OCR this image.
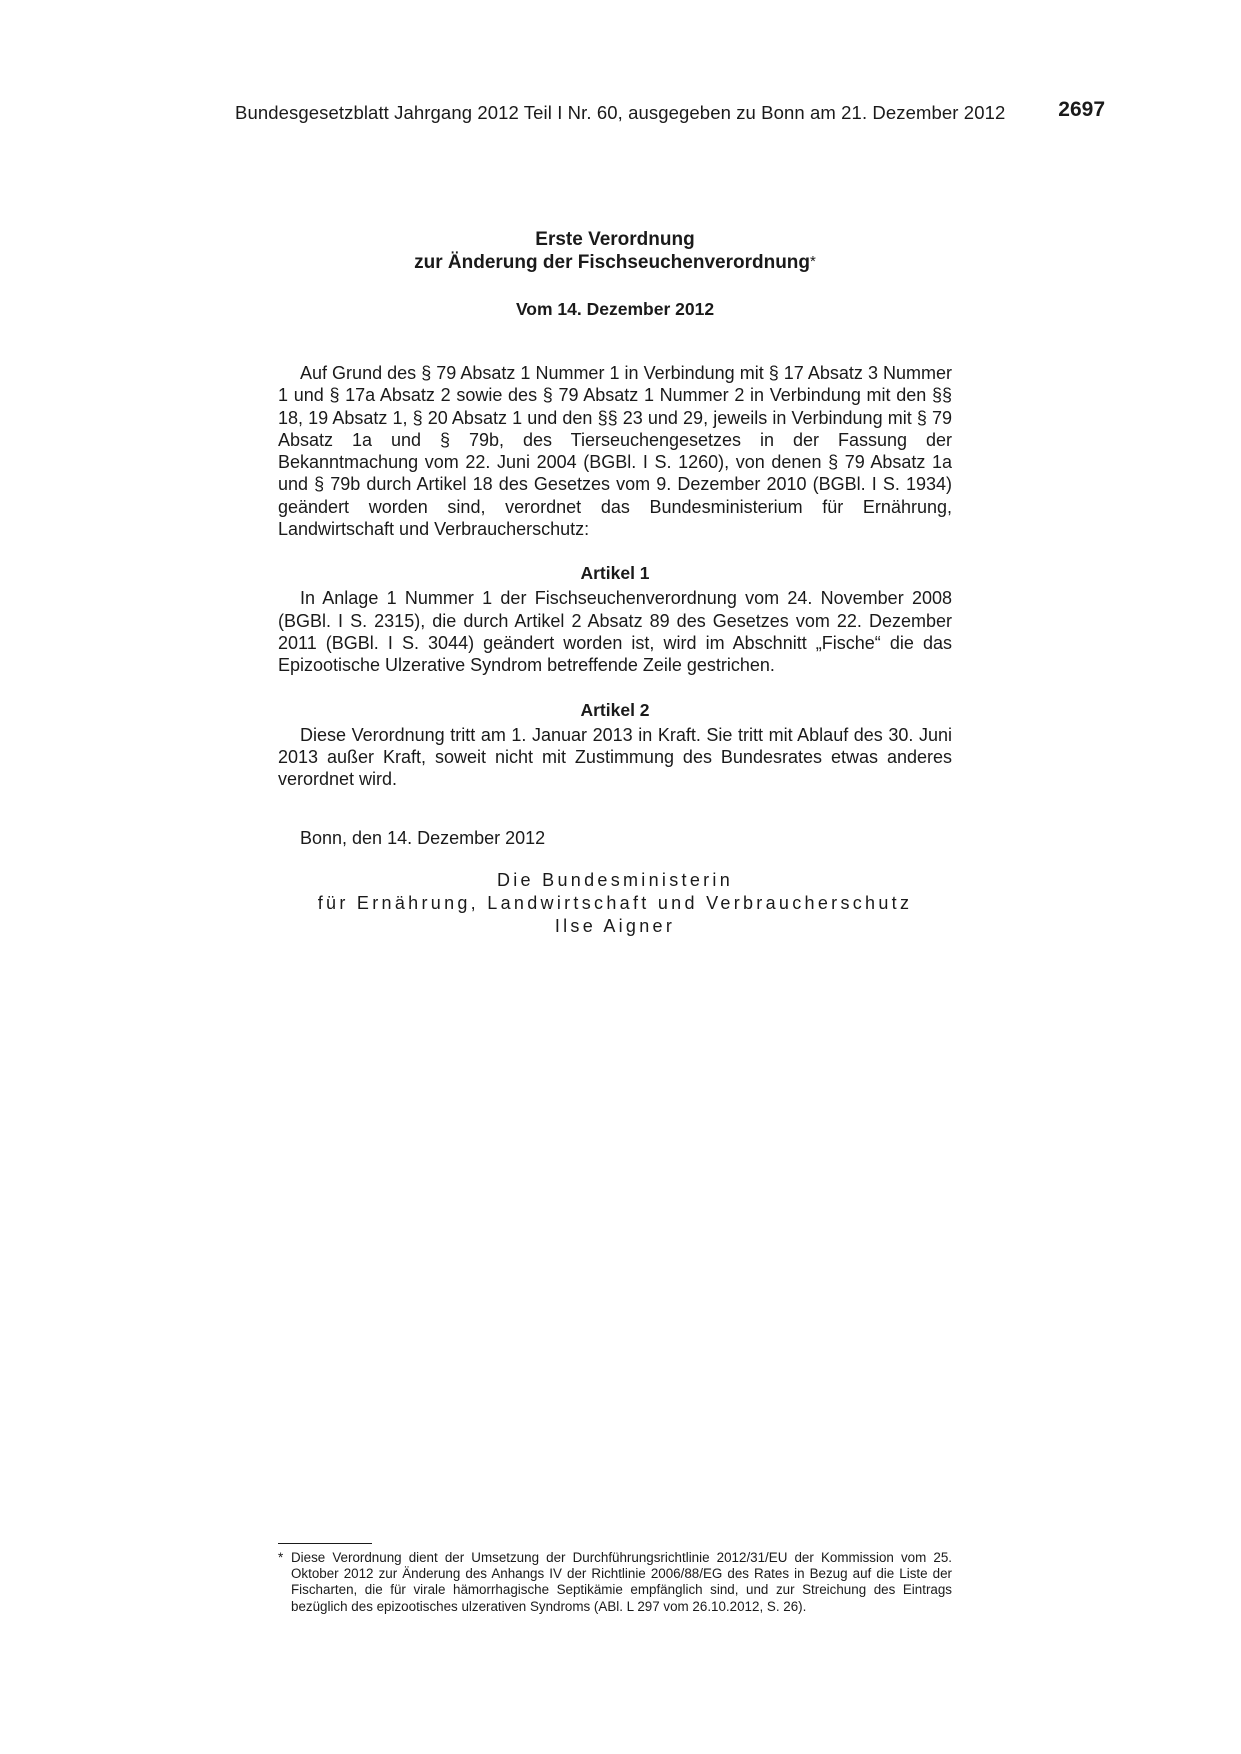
Bundesgesetzblatt Jahrgang 2012 Teil I Nr. 60, ausgegeben zu Bonn am 21. Dezember 2012	2697
Erste Verordnung
zur Änderung der Fischseuchenverordnung*
Vom 14. Dezember 2012

Auf Grund des § 79 Absatz 1 Nummer 1 in Verbindung mit § 17 Absatz 3 Nummer 1 und § 17a Absatz 2 sowie des § 79 Absatz 1 Nummer 2 in Verbindung mit den §§ 18, 19 Absatz 1, § 20 Absatz 1 und den §§ 23 und 29, jeweils in Verbindung mit § 79 Absatz 1a und § 79b, des Tierseuchengesetzes in der Fassung der Bekanntmachung vom 22. Juni 2004 (BGBl. I S. 1260), von denen § 79 Absatz 1a und § 79b durch Artikel 18 des Gesetzes vom 9. Dezember 2010 (BGBl. I S. 1934) geändert worden sind, verordnet das Bundesministerium für Ernährung, Landwirtschaft und Verbraucherschutz:

Artikel 1

In Anlage 1 Nummer 1 der Fischseuchenverordnung vom 24. November 2008 (BGBl. I S. 2315), die durch Artikel 2 Absatz 89 des Gesetzes vom 22. Dezember 2011 (BGBl. I S. 3044) geändert worden ist, wird im Abschnitt „Fische“ die das Epizootische Ulzerative Syndrom betreffende Zeile gestrichen.

Artikel 2

Diese Verordnung tritt am 1. Januar 2013 in Kraft. Sie tritt mit Ablauf des 30. Juni 2013 außer Kraft, soweit nicht mit Zustimmung des Bundesrates etwas anderes verordnet wird.

Bonn, den 14. Dezember 2012
Die Bundesministerin
für Ernährung, Landwirtschaft und Verbraucherschutz
Ilse Aigner
* Diese Verordnung dient der Umsetzung der Durchführungsrichtlinie 2012/31/EU der Kommission vom 25. Oktober 2012 zur Änderung des Anhangs IV der Richtlinie 2006/88/EG des Rates in Bezug auf die Liste der Fischarten, die für virale hämorrhagische Septikämie empfänglich sind, und zur Streichung des Eintrags bezüglich des epizootisches ulzerativen Syndroms (ABl. L 297 vom 26.10.2012, S. 26).
